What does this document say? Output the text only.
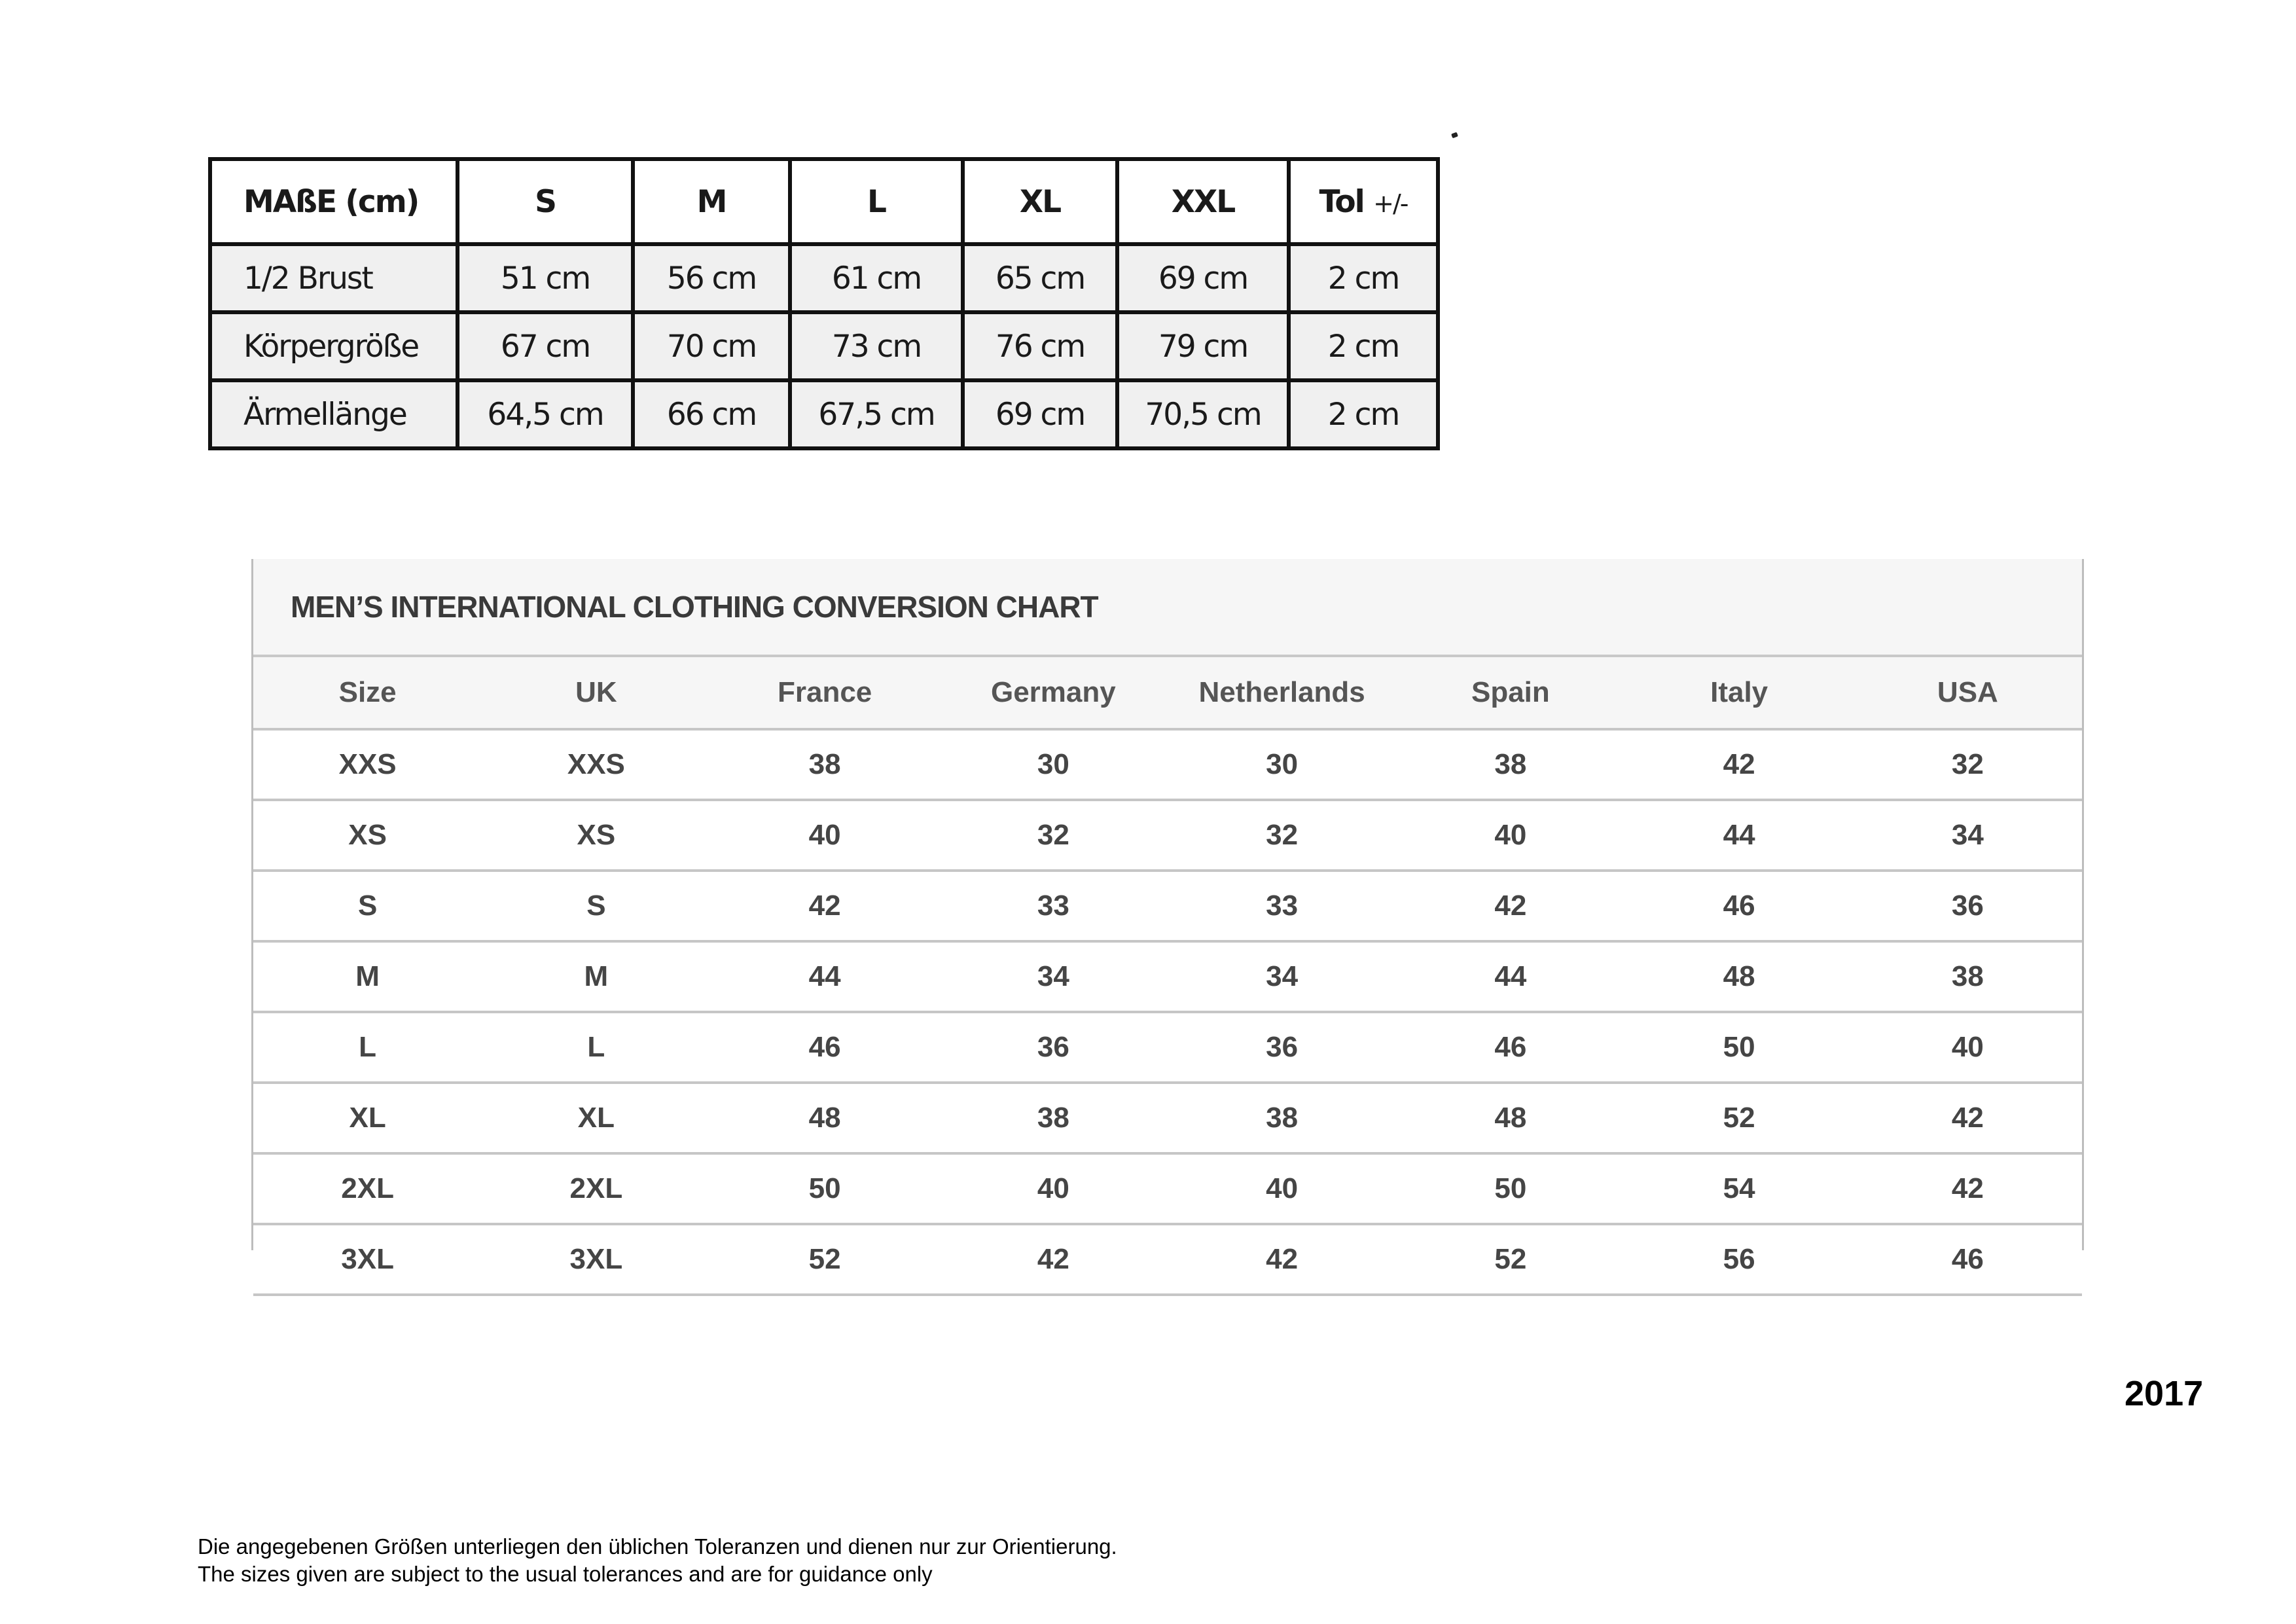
MAßE (cm)	S	M	L	XL	XXL	Tol +/-
1/2 Brust	51 cm	56 cm	61 cm	65 cm	69 cm	2 cm
Körpergröße	67 cm	70 cm	73 cm	76 cm	79 cm	2 cm
Ärmellänge	64,5 cm	66 cm	67,5 cm	69 cm	70,5 cm	2 cm
MEN’S INTERNATIONAL CLOTHING CONVERSION CHART
Size	UK	France	Germany	Netherlands	Spain	Italy	USA
XXS	XXS	38	30	30	38	42	32
XS	XS	40	32	32	40	44	34
S	S	42	33	33	42	46	36
M	M	44	34	34	44	48	38
L	L	46	36	36	46	50	40
XL	XL	48	38	38	48	52	42
2XL	2XL	50	40	40	50	54	42
3XL	3XL	52	42	42	52	56	46
2017
Die angegebenen Größen unterliegen den üblichen Toleranzen und dienen nur zur Orientierung.
The sizes given are subject to the usual tolerances and are for guidance only
